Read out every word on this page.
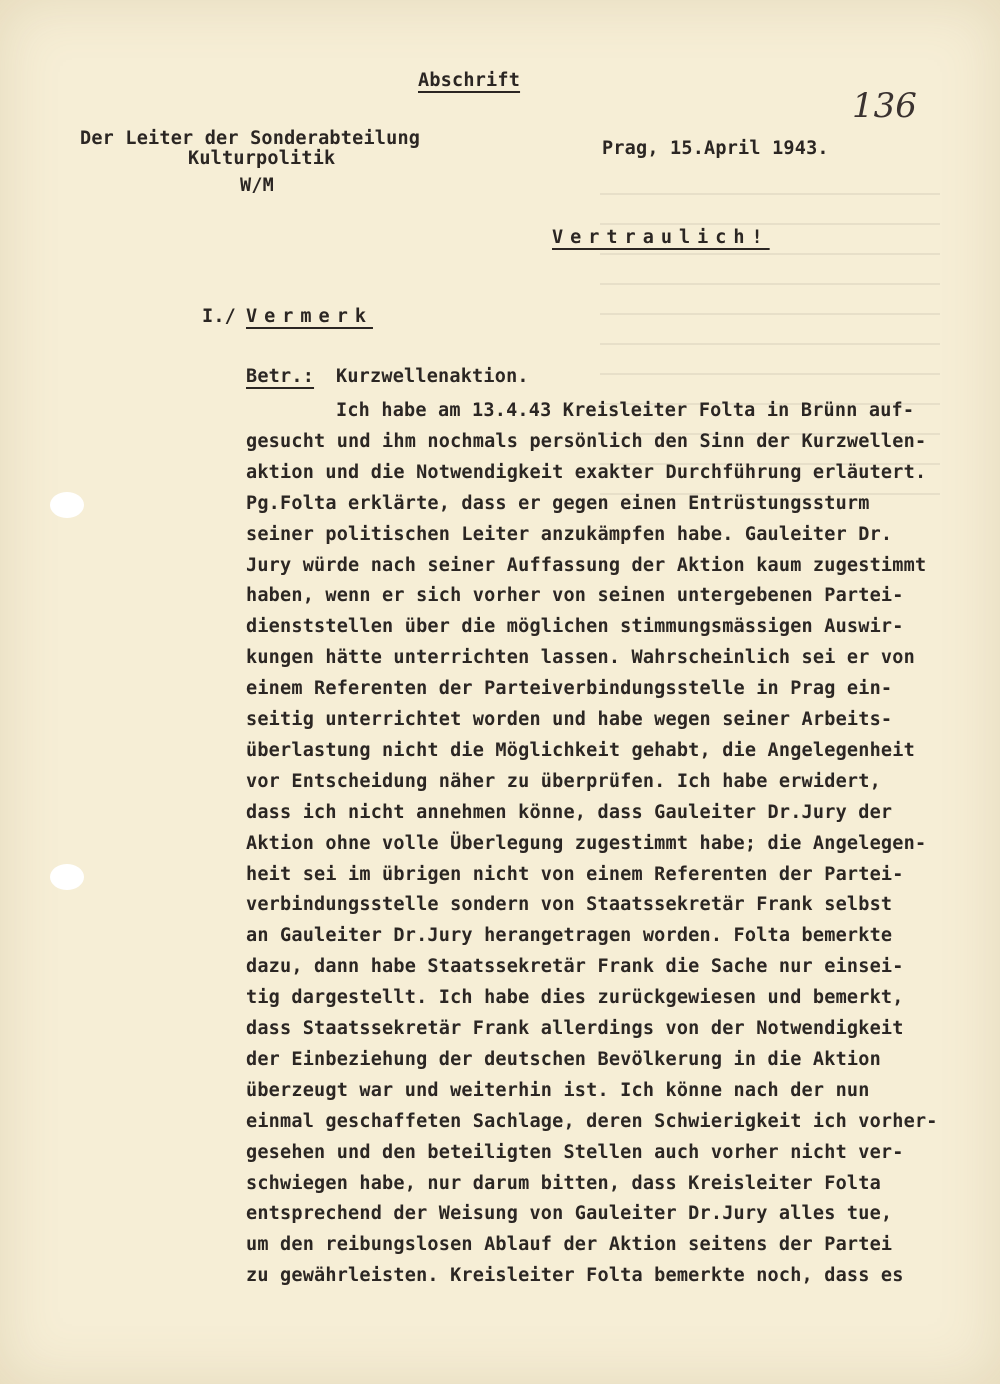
Abschrift
136
Der Leiter der Sonderabteilung
Kulturpolitik
W/M
Prag, 15.April 1943.
Vertraulich!
I./ Vermerk
Betr.: Kurzwellenaktion.
Ich habe am 13.4.43 Kreisleiter Folta in Brünn auf-
gesucht und ihm nochmals persönlich den Sinn der Kurzwellen-
aktion und die Notwendigkeit exakter Durchführung erläutert.
Pg.Folta erklärte, dass er gegen einen Entrüstungssturm
seiner politischen Leiter anzukämpfen habe. Gauleiter Dr.
Jury würde nach seiner Auffassung der Aktion kaum zugestimmt
haben, wenn er sich vorher von seinen untergebenen Partei-
dienststellen über die möglichen stimmungsmässigen Auswir-
kungen hätte unterrichten lassen. Wahrscheinlich sei er von
einem Referenten der Parteiverbindungsstelle in Prag ein-
seitig unterrichtet worden und habe wegen seiner Arbeits-
überlastung nicht die Möglichkeit gehabt, die Angelegenheit
vor Entscheidung näher zu überprüfen. Ich habe erwidert,
dass ich nicht annehmen könne, dass Gauleiter Dr.Jury der
Aktion ohne volle Überlegung zugestimmt habe; die Angelegen-
heit sei im übrigen nicht von einem Referenten der Partei-
verbindungsstelle sondern von Staatssekretär Frank selbst
an Gauleiter Dr.Jury herangetragen worden. Folta bemerkte
dazu, dann habe Staatssekretär Frank die Sache nur einsei-
tig dargestellt. Ich habe dies zurückgewiesen und bemerkt,
dass Staatssekretär Frank allerdings von der Notwendigkeit
der Einbeziehung der deutschen Bevölkerung in die Aktion
überzeugt war und weiterhin ist. Ich könne nach der nun
einmal geschaffeten Sachlage, deren Schwierigkeit ich vorher-
gesehen und den beteiligten Stellen auch vorher nicht ver-
schwiegen habe, nur darum bitten, dass Kreisleiter Folta
entsprechend der Weisung von Gauleiter Dr.Jury alles tue,
um den reibungslosen Ablauf der Aktion seitens der Partei
zu gewährleisten. Kreisleiter Folta bemerkte noch, dass es
